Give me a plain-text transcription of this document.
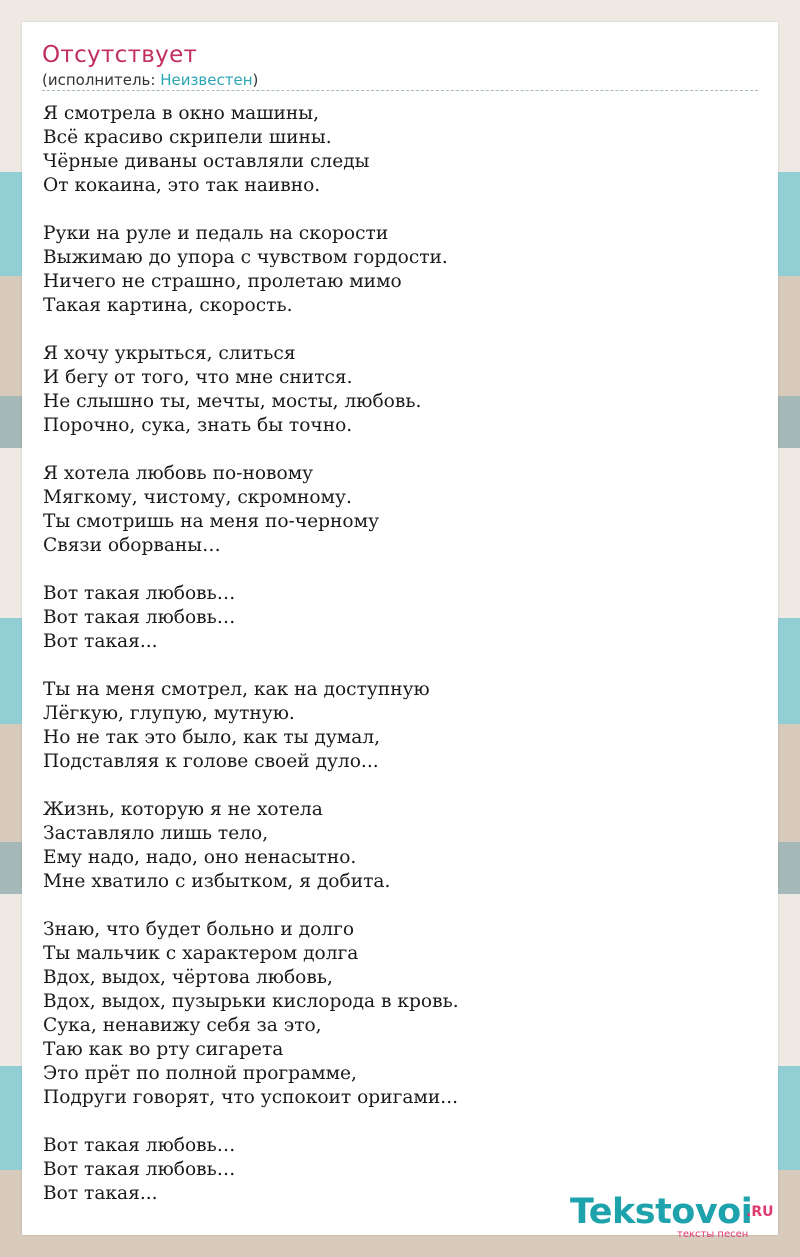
Отсутствует
(исполнитель: Неизвестен)
Я смотрела в окно машины,
Всё красиво скрипели шины.
Чёрные диваны оставляли следы
От кокаина, это так наивно.
Руки на руле и педаль на скорости
Выжимаю до упора с чувством гордости.
Ничего не страшно, пролетаю мимо
Такая картина, скорость.
Я хочу укрыться, слиться
И бегу от того, что мне снится.
Не слышно ты, мечты, мосты, любовь.
Порочно, сука, знать бы точно.
Я хотела любовь по-новому
Мягкому, чистому, скромному.
Ты смотришь на меня по-черному
Связи оборваны…
Вот такая любовь…
Вот такая любовь…
Вот такая...
Ты на меня смотрел, как на доступную
Лёгкую, глупую, мутную.
Но не так это было, как ты думал,
Подставляя к голове своей дуло...
Жизнь, которую я не хотела
Заставляло лишь тело,
Ему надо, надо, оно ненасытно.
Мне хватило с избытком, я добита.
Знаю, что будет больно и долго
Ты мальчик с характером долга
Вдох, выдох, чёртова любовь,
Вдох, выдох, пузырьки кислорода в кровь.
Сука, ненавижу себя за это,
Таю как во рту сигарета
Это прёт по полной программе,
Подруги говорят, что успокоит оригами...
Вот такая любовь…
Вот такая любовь…
Вот такая...	Tekstovoi
.RU
тексты песен
